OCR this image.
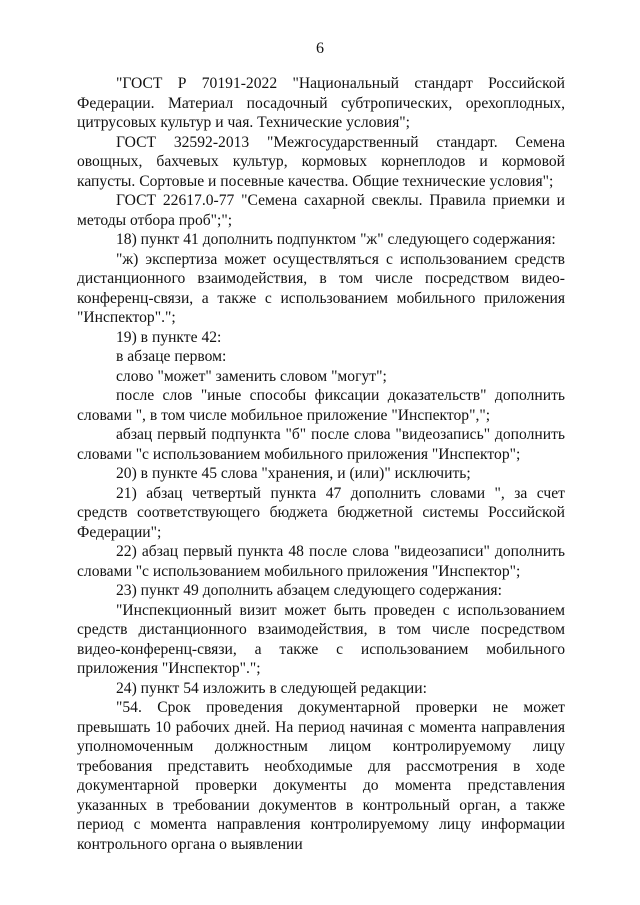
6

"ГОСТ Р 70191-2022 "Национальный стандарт Российской Федерации. Материал посадочный субтропических, орехоплодных, цитрусовых культур и чая. Технические условия";

ГОСТ 32592-2013 "Межгосударственный стандарт. Семена овощных, бахчевых культур, кормовых корнеплодов и кормовой капусты. Сортовые и посевные качества. Общие технические условия";

ГОСТ 22617.0-77 "Семена сахарной свеклы. Правила приемки и методы отбора проб";";

18) пункт 41 дополнить подпунктом "ж" следующего содержания:

"ж) экспертиза может осуществляться с использованием средств дистанционного взаимодействия, в том числе посредством видео-конференц-связи, а также с использованием мобильного приложения "Инспектор".";

19) в пункте 42:

в абзаце первом:

слово "может" заменить словом "могут";

после слов "иные способы фиксации доказательств" дополнить словами ", в том числе мобильное приложение "Инспектор",";

абзац первый подпункта "б" после слова "видеозапись" дополнить словами "с использованием мобильного приложения "Инспектор";

20) в пункте 45 слова "хранения, и (или)" исключить;

21) абзац четвертый пункта 47 дополнить словами ", за счет средств соответствующего бюджета бюджетной системы Российской Федерации";

22) абзац первый пункта 48 после слова "видеозаписи" дополнить словами "с использованием мобильного приложения "Инспектор";

23) пункт 49 дополнить абзацем следующего содержания:

"Инспекционный визит может быть проведен с использованием средств дистанционного взаимодействия, в том числе посредством видео-конференц-связи, а также с использованием мобильного приложения "Инспектор".";

24) пункт 54 изложить в следующей редакции:

"54. Срок проведения документарной проверки не может превышать 10 рабочих дней. На период начиная с момента направления уполномоченным должностным лицом контролируемому лицу требования представить необходимые для рассмотрения в ходе документарной проверки документы до момента представления указанных в требовании документов в контрольный орган, а также период с момента направления контролируемому лицу информации контрольного органа о выявлении
